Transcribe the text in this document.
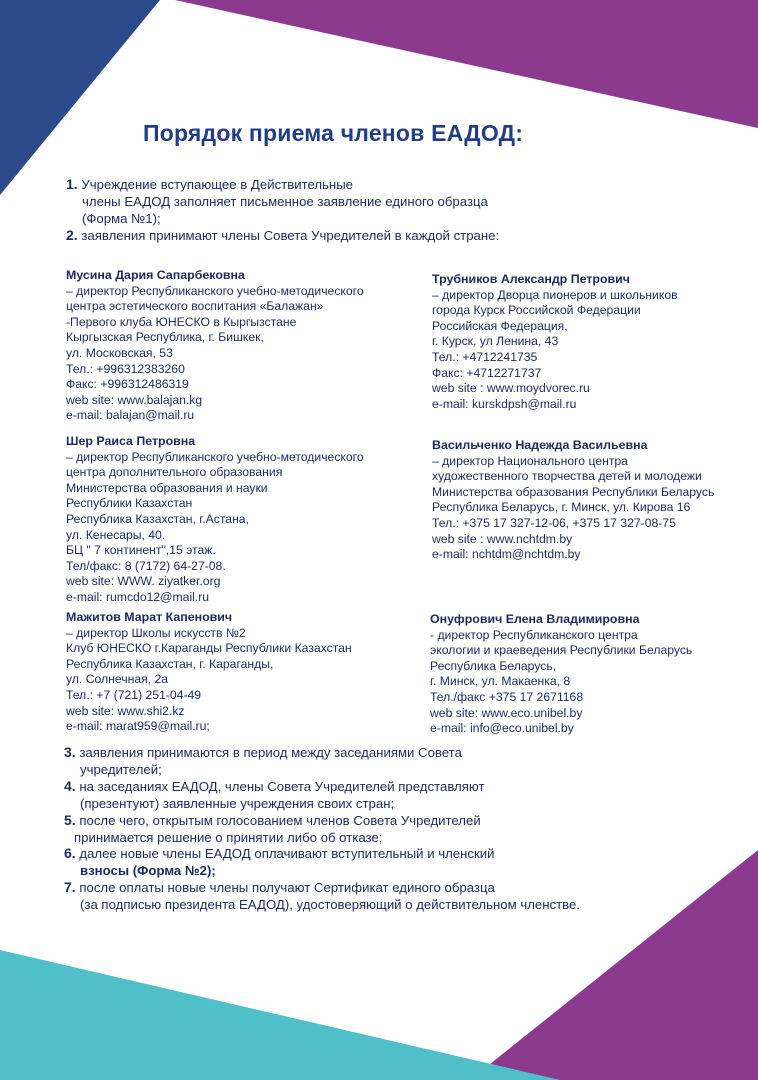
Порядок приема членов ЕАДОД:
1. Учреждение вступающее в Действительные
члены ЕАДОД заполняет письменное заявление единого образца
(Форма №1);
2. заявления принимают члены Совета Учредителей в каждой стране:
Мусина Дария Сапарбековна
– директор Республиканского учебно-методического
центра эстетического воспитания «Балажан»
-Первого клуба ЮНЕСКО в Кыргызстане
Кыргызская Республика, г. Бишкек,
ул. Московская, 53
Тел.: +996312383260
Факс: +996312486319
web site: www.balajan.kg
e-mail: balajan@mail.ru
Трубников Александр Петрович
– директор Дворца пионеров и школьников
города Курск Российской Федерации
Российская Федерация,
г. Курск, ул Ленина, 43
Тел.: +4712241735
Факс: +4712271737
web site : www.moydvorec.ru
e-mail: kurskdpsh@mail.ru
Шер Раиса Петровна
– директор Республиканского учебно-методического
центра дополнительного образования
Министерства образования и науки
Республики Казахстан
Республика Казахстан, г.Астана,
ул. Кенесары, 40.
БЦ " 7 континент",15 этаж.
Тел/факс: 8 (7172) 64-27-08.
web site: WWW. ziyatker.org
e-mail: rumcdo12@mail.ru
Васильченко Надежда Васильевна
– директор Национального центра
художественного творчества детей и молодежи
Министерства образования Республики Беларусь
Республика Беларусь, г. Минск, ул. Кирова 16
Тел.: +375 17 327-12-06, +375 17 327-08-75
web site : www.nchtdm.by
e-mail: nchtdm@nchtdm.by
Мажитов Марат Капенович
– директор Школы искусств №2
Клуб ЮНЕСКО г.Караганды Республики Казахстан
Республика Казахстан, г. Караганды,
ул. Солнечная, 2а
Тел.: +7 (721) 251-04-49
web site: www.shi2.kz
e-mail: marat959@mail.ru;
Онуфрович Елена Владимировна
- директор Республиканского центра
экологии и краеведения Республики Беларусь
Республика Беларусь,
г. Минск, ул. Макаенка, 8
Тел./факс +375 17 2671168
web site: www.eco.unibel.by
e-mail: info@eco.unibel.by
3. заявления принимаются в период между заседаниями Совета
учредителей;
4. на заседаниях ЕАДОД, члены Совета Учредителей представляют
(презентуют) заявленные учреждения своих стран;
5. после чего, открытым голосованием членов Совета Учредителей
принимается решение о принятии либо об отказе;
6. далее новые члены ЕАДОД оплачивают вступительный и членский
взносы (Форма №2);
7. после оплаты новые члены получают Сертификат единого образца
(за подписью президента ЕАДОД), удостоверяющий о действительном членстве.
